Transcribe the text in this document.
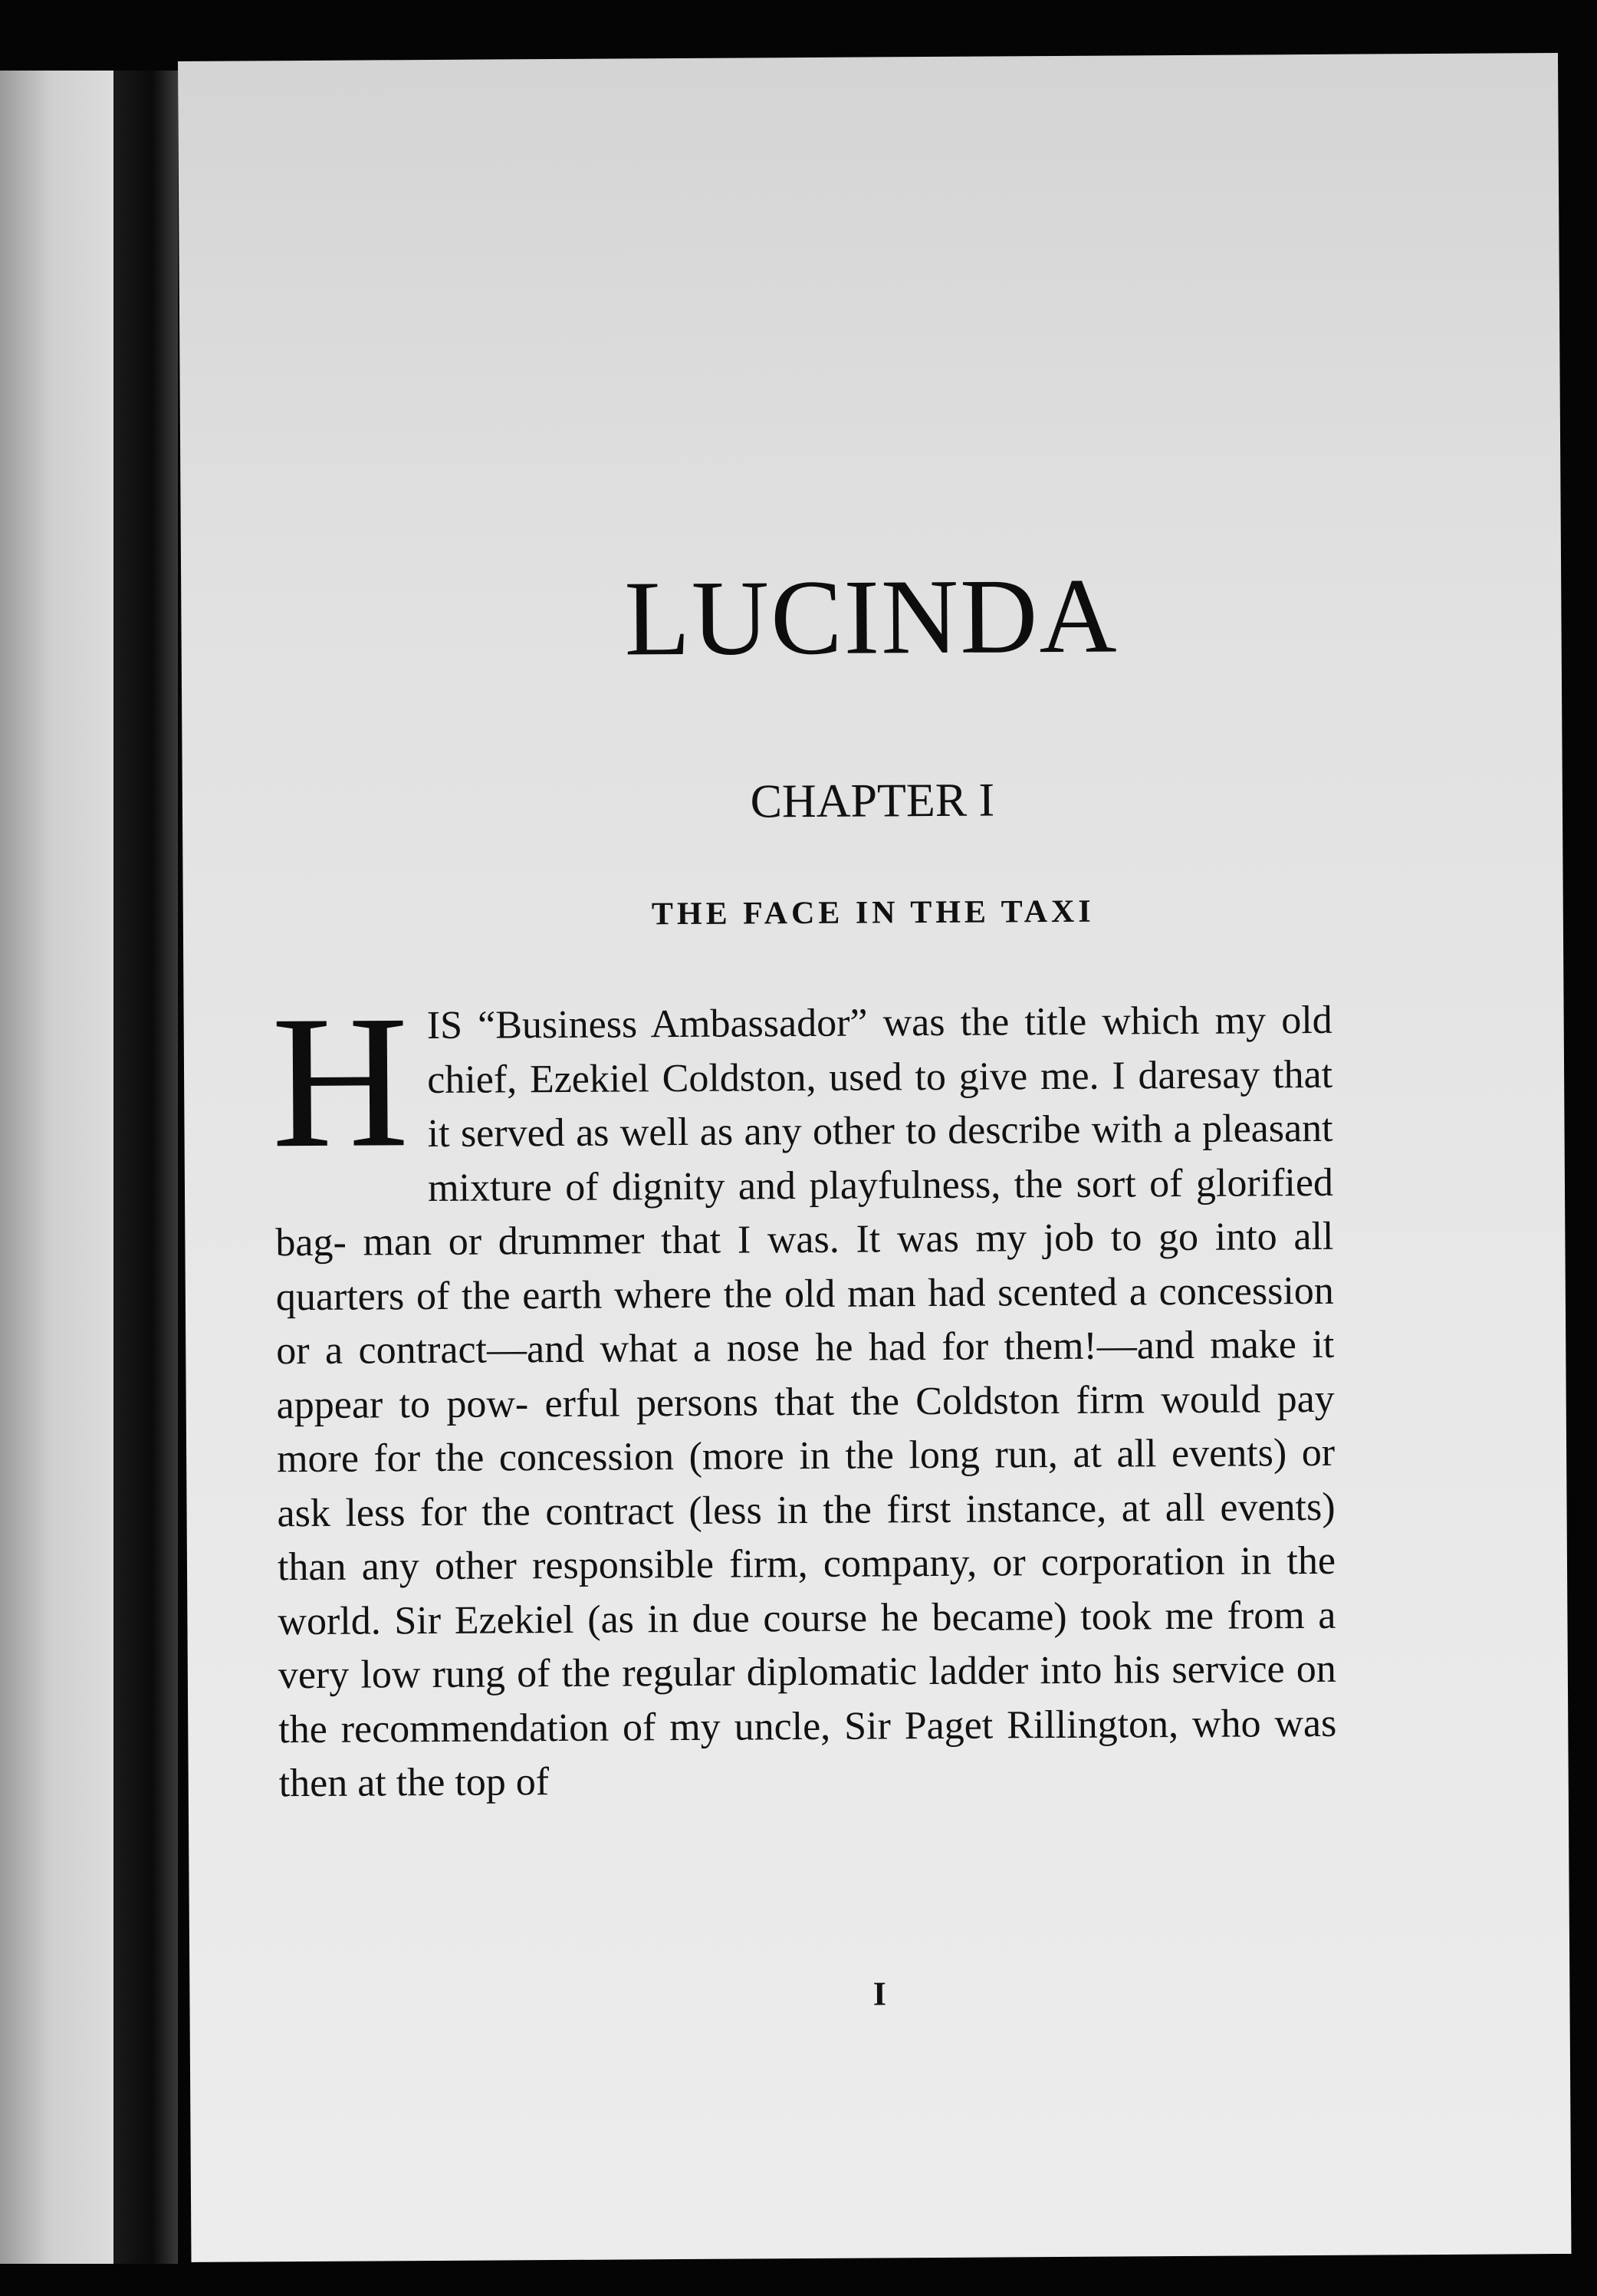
LUCINDA
CHAPTER I
THE FACE IN THE TAXI

HIS “Business Ambassador” was the title which my old chief, Ezekiel Coldston, used to give me. I daresay that it served as well as any other to describe with a pleasant mixture of dignity and playfulness, the sort of glorified bag- man or drummer that I was. It was my job to go into all quarters of the earth where the old man had scented a concession or a contract—and what a nose he had for them!—and make it appear to pow- erful persons that the Coldston firm would pay more for the concession (more in the long run, at all events) or ask less for the contract (less in the first instance, at all events) than any other responsible firm, company, or corporation in the world. Sir Ezekiel (as in due course he became) took me from a very low rung of the regular diplomatic ladder into his service on the recommendation of my uncle, Sir Paget Rillington, who was then at the top of

I
